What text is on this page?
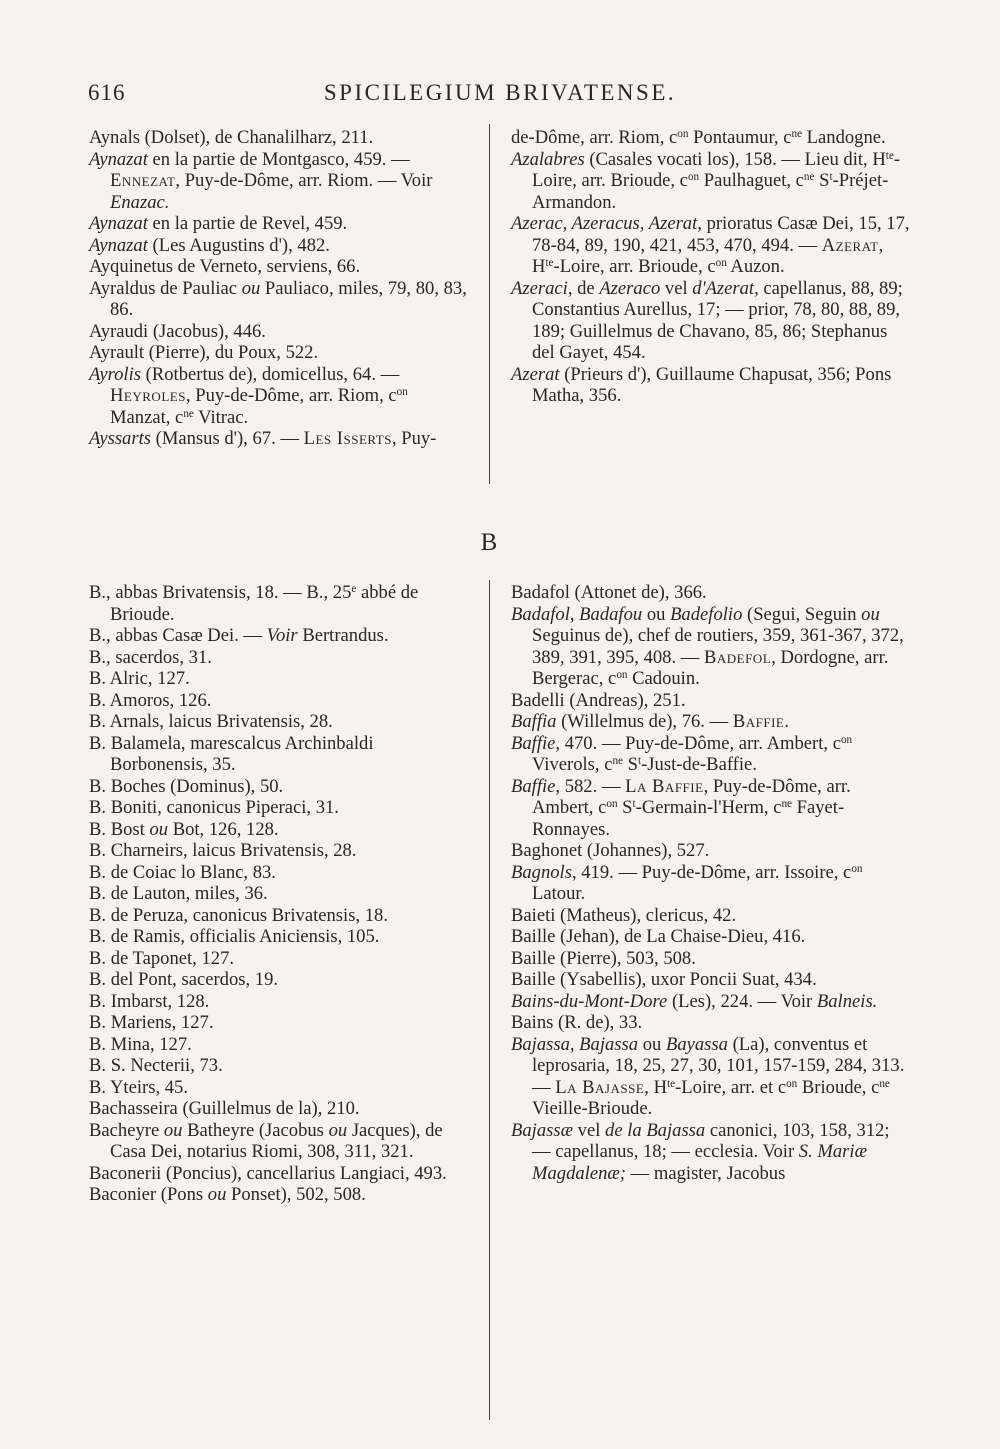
616	SPICILEGIUM BRIVATENSE.
Aynals (Dolset), de Chanalilharz, 211.
Aynazat en la partie de Montgasco, 459. — Ennezat, Puy-de-Dôme, arr. Riom. — Voir Enazac.
Aynazat en la partie de Revel, 459.
Aynazat (Les Augustins d'), 482.
Ayquinetus de Verneto, serviens, 66.
Ayraldus de Pauliac ou Pauliaco, miles, 79, 80, 83, 86.
Ayraudi (Jacobus), 446.
Ayrault (Pierre), du Poux, 522.
Ayrolis (Rotbertus de), domicellus, 64. — Heyroles, Puy-de-Dôme, arr. Riom, $c^{on}$ Manzat, $c^{ne}$ Vitrac.
Ayssarts (Mansus d'), 67. — Les Isserts, Puy-
de-Dôme, arr. Riom, $c^{on}$ Pontaumur, $c^{ne}$ Landogne.
Azalabres (Casales vocati los), 158. — Lieu dit, $H^{te}$-Loire, arr. Brioude, $c^{on}$ Paulhaguet, $c^{ne}$ $S^t-Préjet$-Armandon.
Azerac, Azeracus, Azerat, prioratus Casæ Dei, 15, 17, 78-84, 89, 190, 421, 453, 470, 494. — Azerat, $H^{te}$-Loire, arr. Brioude, $c^{on}$ Auzon.
Azeraci, de Azeraco vel d'Azerat, capellanus, 88, 89; Constantius Aurellus, 17; — prior, 78, 80, 88, 89, 189; Guillelmus de Chavano, 85, 86; Stephanus del Gayet, 454.
Azerat (Prieurs d'), Guillaume Chapusat, 356; Pons Matha, 356.
B
B., abbas Brivatensis, 18. — B., 25e abbé de Brioude.
B., abbas Casæ Dei. — Voir Bertrandus.
B., sacerdos, 31.
B. Alric, 127.
B. Amoros, 126.
B. Arnals, laicus Brivatensis, 28.
B. Balamela, marescalcus Archinbaldi Borbonensis, 35.
B. Boches (Dominus), 50.
B. Boniti, canonicus Piperaci, 31.
B. Bost ou Bot, 126, 128.
B. Charneirs, laicus Brivatensis, 28.
B. de Coiac lo Blanc, 83.
B. de Lauton, miles, 36.
B. de Peruza, canonicus Brivatensis, 18.
B. de Ramis, officialis Aniciensis, 105.
B. de Taponet, 127.
B. del Pont, sacerdos, 19.
B. Imbarst, 128.
B. Mariens, 127.
B. Mina, 127.
B. S. Necterii, 73.
B. Yteirs, 45.
Bachasseira (Guillelmus de la), 210.
Bacheyre ou Batheyre (Jacobus ou Jacques), de Casa Dei, notarius Riomi, 308, 311, 321.
Baconerii (Poncius), cancellarius Langiaci, 493.
Baconier (Pons ou Ponset), 502, 508.
Badafol (Attonet de), 366.
Badafol, Badafou ou Badefolio (Segui, Seguin ou Seguinus de), chef de routiers, 359, 361-367, 372, 389, 391, 395, 408. — Badefol, Dordogne, arr. Bergerac, $c^{on}$ Cadouin.
Badelli (Andreas), 251.
Baffia (Willelmus de), 76. — Baffie.
Baffie, 470. — Puy-de-Dôme, arr. Ambert, $c^{on}$ Viverols, $c^{ne}$ $S^t-Just-de$-Baffie.
Baffie, 582. — La Baffie, Puy-de-Dôme, arr. Ambert, $c^{on}$ $S^t-Germain-l'Herm$, $c^{ne}$ Fayet-Ronnayes.
Baghonet (Johannes), 527.
Bagnols, 419. — Puy-de-Dôme, arr. Issoire, $c^{on}$ Latour.
Baieti (Matheus), clericus, 42.
Baille (Jehan), de La Chaise-Dieu, 416.
Baille (Pierre), 503, 508.
Baille (Ysabellis), uxor Poncii Suat, 434.
Bains-du-Mont-Dore (Les), 224. — Voir Balneis.
Bains (R. de), 33.
Bajassa, Bajassa ou Bayassa (La), conventus et leprosaria, 18, 25, 27, 30, 101, 157-159, 284, 313. — La Bajasse, $H^{te}$-Loire, arr. et $c^{on}$ Brioude, $c^{ne}$ Vieille-Brioude.
Bajassæ vel de la Bajassa canonici, 103, 158, 312; — capellanus, 18; — ecclesia. Voir S. Mariæ Magdalenæ; — magister, Jacobus
